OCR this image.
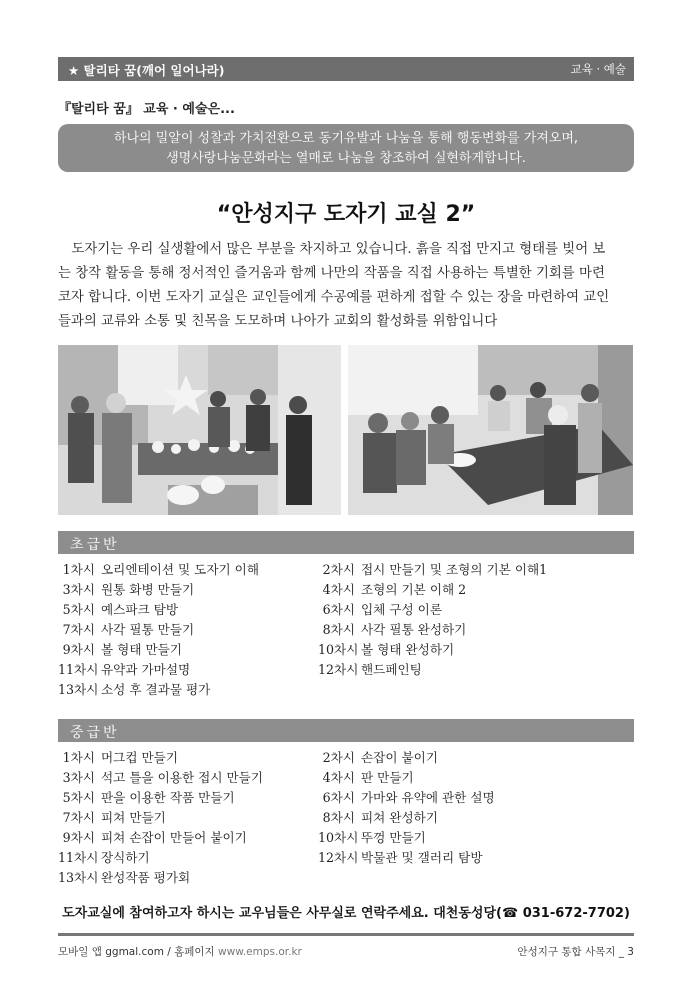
★ 탈리타 꿈(깨어 일어나라)	교육 · 예술
『탈리타 꿈』 교육 · 예술은...
하나의 밀알이 성찰과 가치전환으로 동기유발과 나눔을 통해 행동변화를 가져오며,
생명사랑나눔문화라는 열매로 나눔을 창조하여 실현하게합니다.
“안성지구 도자기 교실 2”
　도자기는 우리 실생활에서 많은 부분을 차지하고 있습니다. 흙을 직접 만지고 형태를 빚어 보
는 창작 활동을 통해 정서적인 즐거움과 함께 나만의 작품을 직접 사용하는 특별한 기회를 마련
코자 합니다. 이번 도자기 교실은 교인들에게 수공예를 편하게 접할 수 있는 장을 마련하여 교인
들과의 교류와 소통 및 친목을 도모하며 나아가 교회의 활성화를 위함입니다
초급반
1차시 오리엔테이션 및 도자기 이해	2차시 접시 만들기 및 조형의 기본 이해1
3차시 원통 화병 만들기	4차시 조형의 기본 이해 2
5차시 예스파크 탐방	6차시 입체 구성 이론
7차시 사각 필통 만들기	8차시 사각 필통 완성하기
9차시 볼 형태 만들기	10차시 볼 형태 완성하기
11차시 유약과 가마설명	12차시 핸드페인팅
13차시 소성 후 결과물 평가
중급반
1차시 머그컵 만들기	2차시 손잡이 붙이기
3차시 석고 틀을 이용한 접시 만들기	4차시 판 만들기
5차시 판을 이용한 작품 만들기	6차시 가마와 유약에 관한 설명
7차시 피쳐 만들기	8차시 피쳐 완성하기
9차시 피쳐 손잡이 만들어 붙이기	10차시 뚜껑 만들기
11차시 장식하기	12차시 박물관 및 갤러리 탐방
13차시 완성작품 평가회
도자교실에 참여하고자 하시는 교우님들은 사무실로 연락주세요. 대천동성당(☎ 031-672-7702)
모바일 앱 ggmal.com / 홈페이지 www.emps.or.kr	안성지구 통합 사목지 _ 3
